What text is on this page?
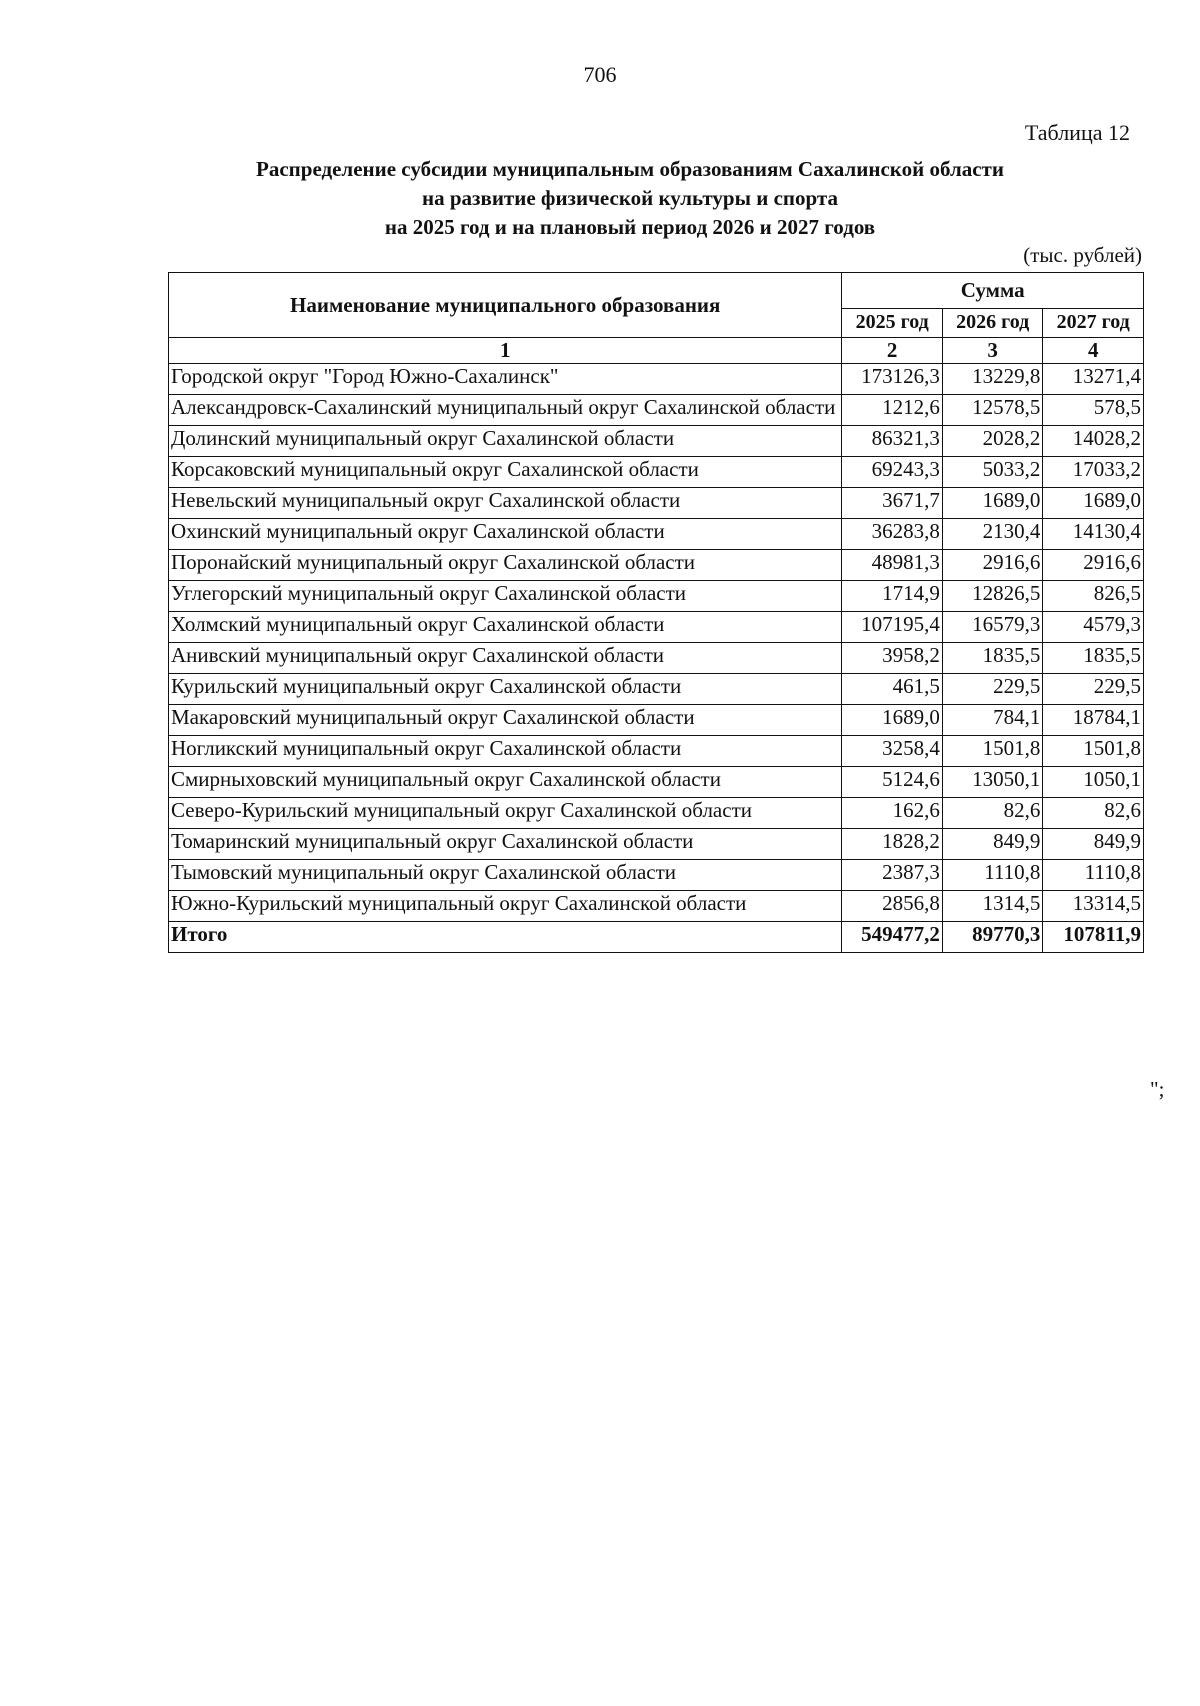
706
Таблица 12
Распределение субсидии муниципальным образованиям Сахалинской области
на развитие физической культуры и спорта
на 2025 год и на плановый период 2026 и 2027 годов
(тыс. рублей)
Наименование муниципального образования	Сумма		
	2025 год	2026 год	2027 год
1	2	3	4
Городской округ "Город Южно-Сахалинск"	173126,3	13229,8	13271,4
Александровск-Сахалинский муниципальный округ Сахалинской области	1212,6	12578,5	578,5
Долинский муниципальный округ Сахалинской области	86321,3	2028,2	14028,2
Корсаковский муниципальный округ Сахалинской области	69243,3	5033,2	17033,2
Невельский муниципальный округ Сахалинской области	3671,7	1689,0	1689,0
Охинский муниципальный округ Сахалинской области	36283,8	2130,4	14130,4
Поронайский муниципальный округ Сахалинской области	48981,3	2916,6	2916,6
Углегорский муниципальный округ Сахалинской области	1714,9	12826,5	826,5
Холмский муниципальный округ Сахалинской области	107195,4	16579,3	4579,3
Анивский муниципальный округ Сахалинской области	3958,2	1835,5	1835,5
Курильский муниципальный округ Сахалинской области	461,5	229,5	229,5
Макаровский муниципальный округ Сахалинской области	1689,0	784,1	18784,1
Ногликский муниципальный округ Сахалинской области	3258,4	1501,8	1501,8
Смирныховский муниципальный округ Сахалинской области	5124,6	13050,1	1050,1
Северо-Курильский муниципальный округ Сахалинской области	162,6	82,6	82,6
Томаринский муниципальный округ Сахалинской области	1828,2	849,9	849,9
Тымовский муниципальный округ Сахалинской области	2387,3	1110,8	1110,8
Южно-Курильский муниципальный округ Сахалинской области	2856,8	1314,5	13314,5
Итого	549477,2	89770,3	107811,9
";
